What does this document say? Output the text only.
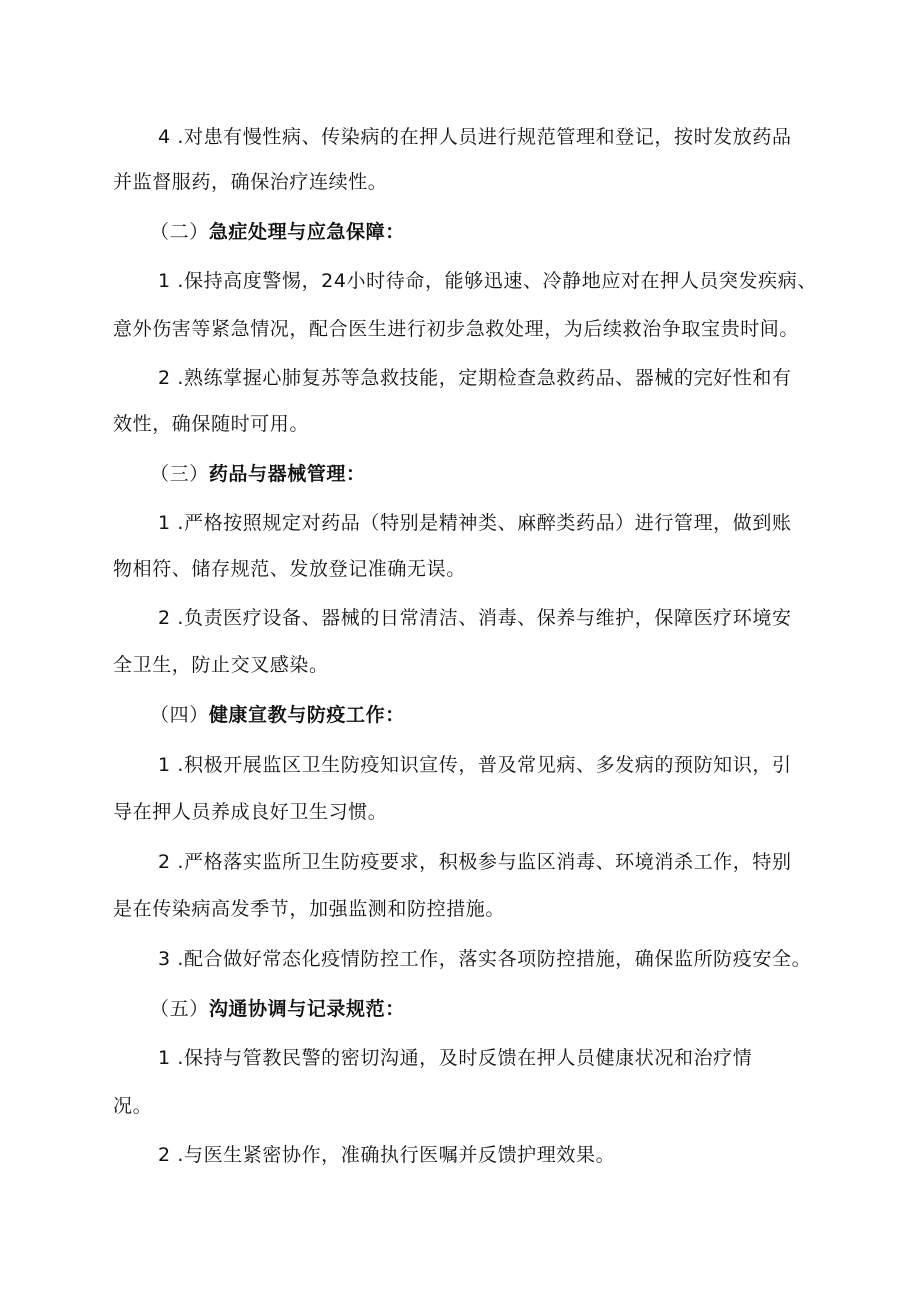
4 .对患有慢性病、传染病的在押人员进行规范管理和登记，按时发放药品
并监督服药，确保治疗连续性。
（二）急症处理与应急保障：
1 .保持高度警惕，24小时待命，能够迅速、冷静地应对在押人员突发疾病、
意外伤害等紧急情况，配合医生进行初步急救处理，为后续救治争取宝贵时间。
2 .熟练掌握心肺复苏等急救技能，定期检查急救药品、器械的完好性和有
效性，确保随时可用。
（三）药品与器械管理：
1 .严格按照规定对药品（特别是精神类、麻醉类药品）进行管理，做到账
物相符、储存规范、发放登记准确无误。
2 .负责医疗设备、器械的日常清洁、消毒、保养与维护，保障医疗环境安
全卫生，防止交叉感染。
（四）健康宣教与防疫工作：
1 .积极开展监区卫生防疫知识宣传，普及常见病、多发病的预防知识，引
导在押人员养成良好卫生习惯。
2 .严格落实监所卫生防疫要求，积极参与监区消毒、环境消杀工作，特别
是在传染病高发季节，加强监测和防控措施。
3 .配合做好常态化疫情防控工作，落实各项防控措施，确保监所防疫安全。
（五）沟通协调与记录规范：
1 .保持与管教民警的密切沟通，及时反馈在押人员健康状况和治疗情
况。
2 .与医生紧密协作，准确执行医嘱并反馈护理效果。
